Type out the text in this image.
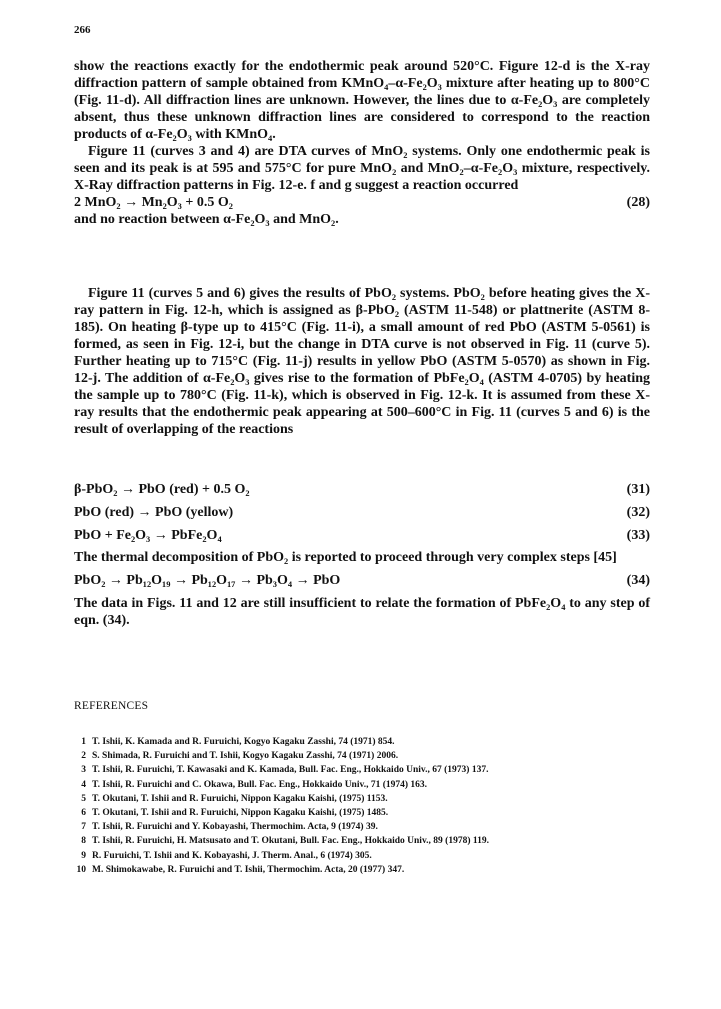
266

show the reactions exactly for the endothermic peak around 520°C. Figure 12-d is the X-ray diffraction pattern of sample obtained from KMnO₄–α-Fe₂O₃ mixture after heating up to 800°C (Fig. 11-d). All diffraction lines are unknown. However, the lines due to α-Fe₂O₃ are completely absent, thus these unknown diffraction lines are considered to correspond to the reaction products of α-Fe₂O₃ with KMnO₄.

Figure 11 (curves 3 and 4) are DTA curves of MnO₂ systems. Only one endothermic peak is seen and its peak is at 595 and 575°C for pure MnO₂ and MnO₂–α-Fe₂O₃ mixture, respectively. X-Ray diffraction patterns in Fig. 12-e. f and g suggest a reaction occurred

2 MnO₂ → Mn₂O₃ + 0.5 O₂	(28)

and no reaction between α-Fe₂O₃ and MnO₂.

Figure 11 (curves 5 and 6) gives the results of PbO₂ systems. PbO₂ before heating gives the X-ray pattern in Fig. 12-h, which is assigned as β-PbO₂ (ASTM 11-548) or plattnerite (ASTM 8-185). On heating β-type up to 415°C (Fig. 11-i), a small amount of red PbO (ASTM 5-0561) is formed, as seen in Fig. 12-i, but the change in DTA curve is not observed in Fig. 11 (curve 5). Further heating up to 715°C (Fig. 11-j) results in yellow PbO (ASTM 5-0570) as shown in Fig. 12-j. The addition of α-Fe₂O₃ gives rise to the formation of PbFe₂O₄ (ASTM 4-0705) by heating the sample up to 780°C (Fig. 11-k), which is observed in Fig. 12-k. It is assumed from these X-ray results that the endothermic peak appearing at 500–600°C in Fig. 11 (curves 5 and 6) is the result of overlapping of the reactions

β-PbO₂ → PbO (red) + 0.5 O₂	(31)
PbO (red) → PbO (yellow)	(32)
PbO + Fe₂O₃ → PbFe₂O₄	(33)

The thermal decomposition of PbO₂ is reported to proceed through very complex steps [45]

PbO₂ → Pb₁₂O₁₉ → Pb₁₂O₁₇ → Pb₃O₄ → PbO	(34)

The data in Figs. 11 and 12 are still insufficient to relate the formation of PbFe₂O₄ to any step of eqn. (34).

REFERENCES
1 T. Ishii, K. Kamada and R. Furuichi, Kogyo Kagaku Zasshi, 74 (1971) 854.
2 S. Shimada, R. Furuichi and T. Ishii, Kogyo Kagaku Zasshi, 74 (1971) 2006.
3 T. Ishii, R. Furuichi, T. Kawasaki and K. Kamada, Bull. Fac. Eng., Hokkaido Univ., 67 (1973) 137.
4 T. Ishii, R. Furuichi and C. Okawa, Bull. Fac. Eng., Hokkaido Univ., 71 (1974) 163.
5 T. Okutani, T. Ishii and R. Furuichi, Nippon Kagaku Kaishi, (1975) 1153.
6 T. Okutani, T. Ishii and R. Furuichi, Nippon Kagaku Kaishi, (1975) 1485.
7 T. Ishii, R. Furuichi and Y. Kobayashi, Thermochim. Acta, 9 (1974) 39.
8 T. Ishii, R. Furuichi, H. Matsusato and T. Okutani, Bull. Fac. Eng., Hokkaido Univ., 89 (1978) 119.
9 R. Furuichi, T. Ishii and K. Kobayashi, J. Therm. Anal., 6 (1974) 305.
10 M. Shimokawabe, R. Furuichi and T. Ishii, Thermochim. Acta, 20 (1977) 347.
